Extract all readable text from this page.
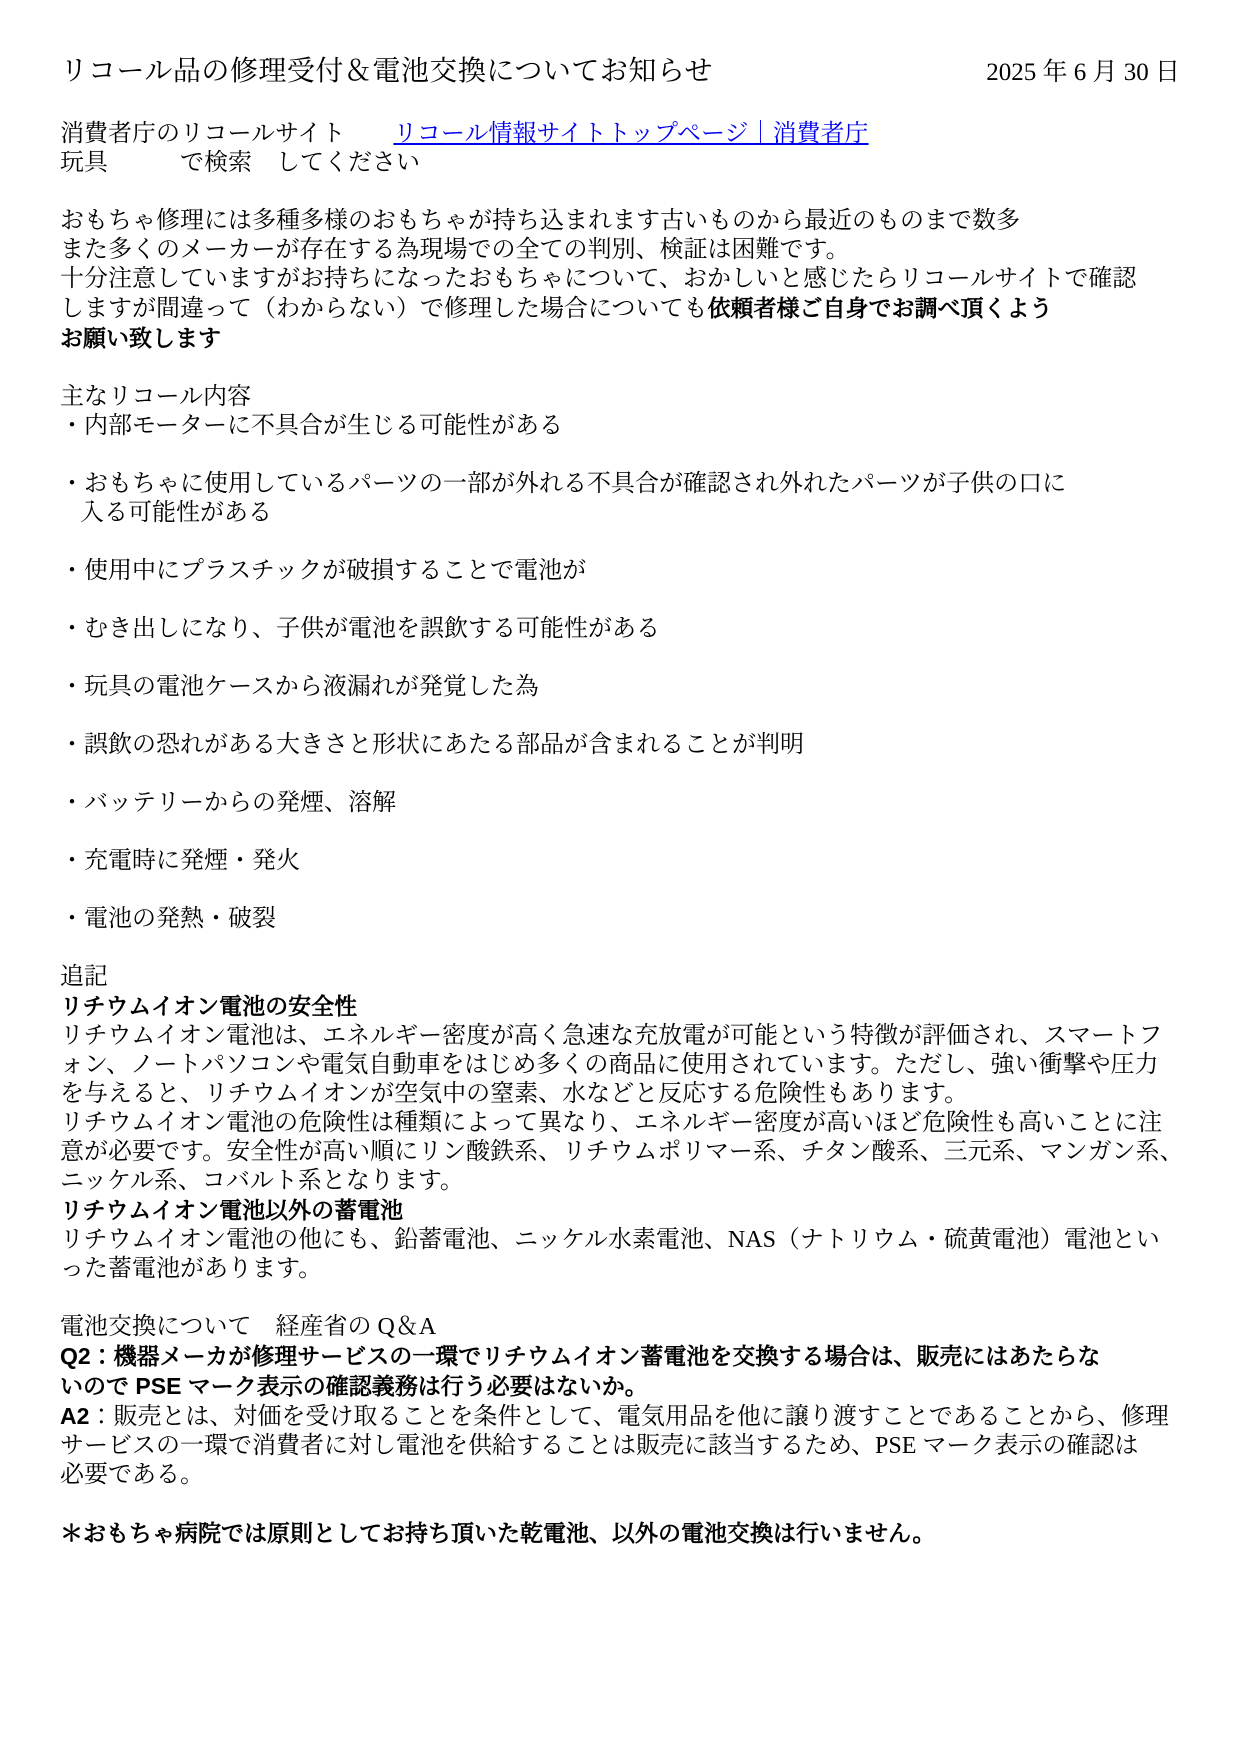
リコール品の修理受付＆電池交換についてお知らせ	2025 年 6 月 30 日
消費者庁のリコールサイト　　リコール情報サイトトップページ｜消費者庁
玩具　　　で検索　してください

おもちゃ修理には多種多様のおもちゃが持ち込まれます古いものから最近のものまで数多
また多くのメーカーが存在する為現場での全ての判別、検証は困難です。
十分注意していますがお持ちになったおもちゃについて、おかしいと感じたらリコールサイトで確認
しますが間違って（わからない）で修理した場合についても依頼者様ご自身でお調べ頂くよう
お願い致します

主なリコール内容
・内部モーターに不具合が生じる可能性がある

・おもちゃに使用しているパーツの一部が外れる不具合が確認され外れたパーツが子供の口に
入る可能性がある

・使用中にプラスチックが破損することで電池が

・むき出しになり、子供が電池を誤飲する可能性がある

・玩具の電池ケースから液漏れが発覚した為

・誤飲の恐れがある大きさと形状にあたる部品が含まれることが判明

・バッテリーからの発煙、溶解

・充電時に発煙・発火

・電池の発熱・破裂

追記
リチウムイオン電池の安全性
リチウムイオン電池は、エネルギー密度が高く急速な充放電が可能という特徴が評価され、スマートフ
ォン、ノートパソコンや電気自動車をはじめ多くの商品に使用されています。ただし、強い衝撃や圧力
を与えると、リチウムイオンが空気中の窒素、水などと反応する危険性もあります。
リチウムイオン電池の危険性は種類によって異なり、エネルギー密度が高いほど危険性も高いことに注
意が必要です。安全性が高い順にリン酸鉄系、リチウムポリマー系、チタン酸系、三元系、マンガン系、
ニッケル系、コバルト系となります。
リチウムイオン電池以外の蓄電池
リチウムイオン電池の他にも、鉛蓄電池、ニッケル水素電池、NAS（ナトリウム・硫黄電池）電池とい
った蓄電池があります。

電池交換について　経産省の Q＆A
Q2：機器メーカが修理サービスの一環でリチウムイオン蓄電池を交換する場合は、販売にはあたらな
いので PSE マーク表示の確認義務は行う必要はないか。
A2：販売とは、対価を受け取ることを条件として、電気用品を他に譲り渡すことであることから、修理
サービスの一環で消費者に対し電池を供給することは販売に該当するため、PSE マーク表示の確認は
必要である。

＊おもちゃ病院では原則としてお持ち頂いた乾電池、以外の電池交換は行いません。
